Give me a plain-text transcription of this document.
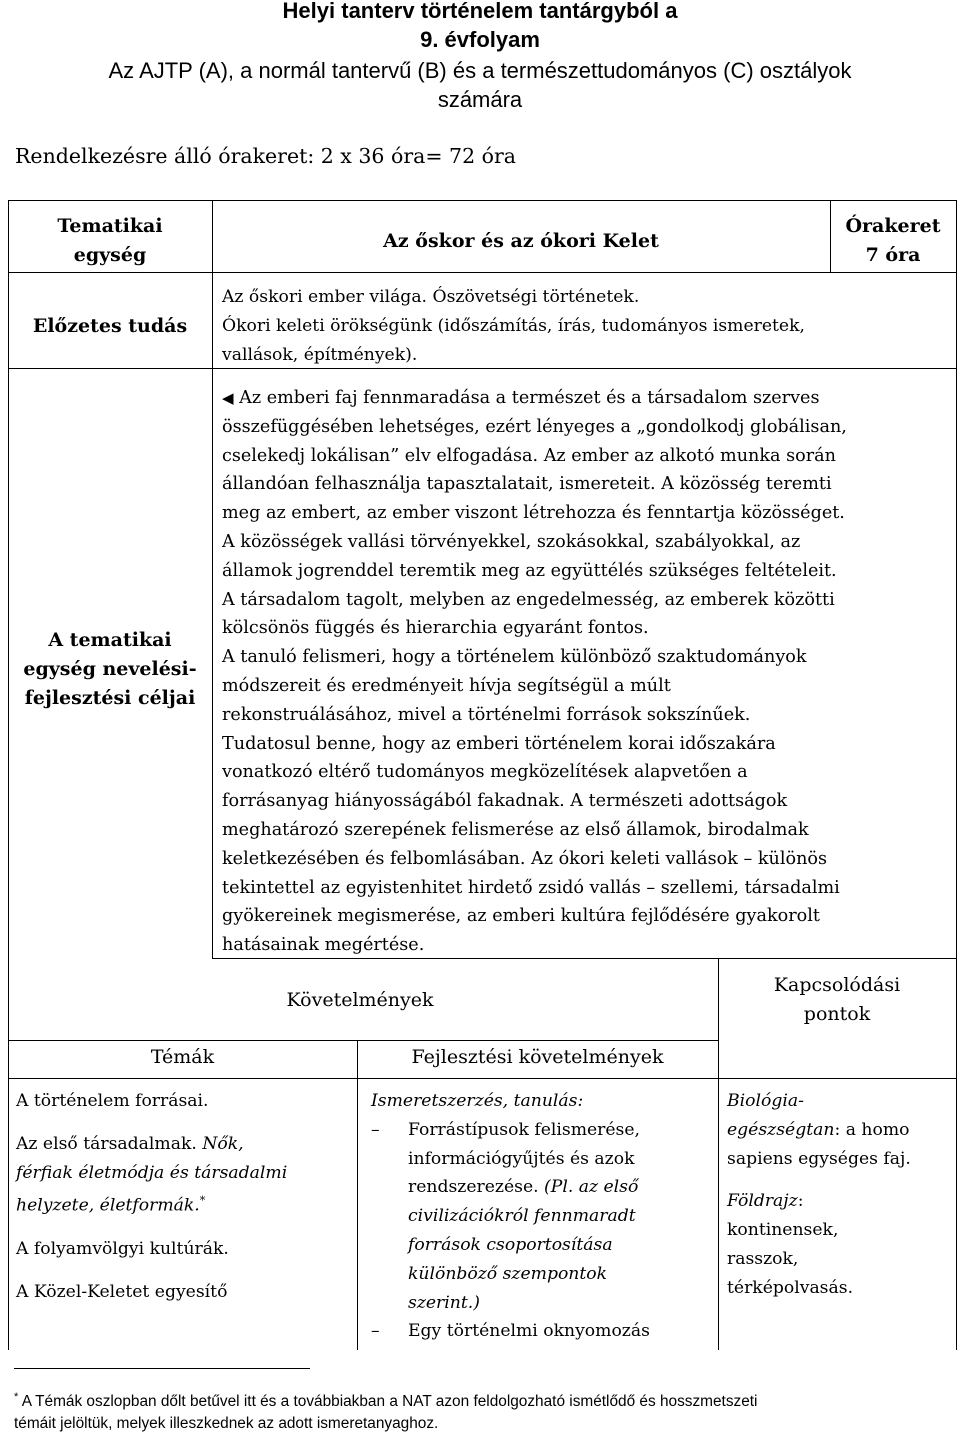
Helyi tanterv történelem tantárgyból a
9. évfolyam
Az AJTP (A), a normál tantervű (B) és a természettudományos (C) osztályok
számára
Rendelkezésre álló órakeret: 2 x 36 óra= 72 óra
Tematikai
egység
Az őskor és az ókori Kelet
Órakeret
7 óra
Előzetes tudás

Az őskori ember világa. Ószövetségi történetek.

Ókori keleti örökségünk (időszámítás, írás, tudományos ismeretek,

vallások, építmények).

A tematikai
egység nevelési-
fejlesztési céljai

◀ Az emberi faj fennmaradása a természet és a társadalom szerves

összefüggésében lehetséges, ezért lényeges a „gondolkodj globálisan,

cselekedj lokálisan” elv elfogadása. Az ember az alkotó munka során

állandóan felhasználja tapasztalatait, ismereteit. A közösség teremti

meg az embert, az ember viszont létrehozza és fenntartja közösséget.

A közösségek vallási törvényekkel, szokásokkal, szabályokkal, az

államok jogrenddel teremtik meg az együttélés szükséges feltételeit.

A társadalom tagolt, melyben az engedelmesség, az emberek közötti

kölcsönös függés és hierarchia egyaránt fontos.

A tanuló felismeri, hogy a történelem különböző szaktudományok

módszereit és eredményeit hívja segítségül a múlt

rekonstruálásához, mivel a történelmi források sokszínűek.

Tudatosul benne, hogy az emberi történelem korai időszakára

vonatkozó eltérő tudományos megközelítések alapvetően a

forrásanyag hiányosságából fakadnak. A természeti adottságok

meghatározó szerepének felismerése az első államok, birodalmak

keletkezésében és felbomlásában. Az ókori keleti vallások – különös

tekintettel az egyistenhitet hirdető zsidó vallás – szellemi, társadalmi

gyökereinek megismerése, az emberi kultúra fejlődésére gyakorolt

hatásainak megértése.

Követelmények
Kapcsolódási
pontok
Témák	Fejlesztési követelmények

A történelem forrásai.

Az első társadalmak. Nők,

férfiak életmódja és társadalmi

helyzete, életformák.*

A folyamvölgyi kultúrák.

A Közel-Keletet egyesítő

Ismeretszerzés, tanulás:

– Forrástípusok felismerése,
információgyűjtés és azok
rendszerezése. (Pl. az első
civilizációkról fennmaradt
források csoportosítása
különböző szempontok
szerint.)
– Egy történelmi oknyomozás

Biológia-

egészségtan: a homo

sapiens egységes faj.

Földrajz:

kontinensek,

rasszok,

térképolvasás.

* A Témák oszlopban dőlt betűvel itt és a továbbiakban a NAT azon feldolgozható ismétlődő és hosszmetszeti
témáit jelöltük, melyek illeszkednek az adott ismeretanyaghoz.
